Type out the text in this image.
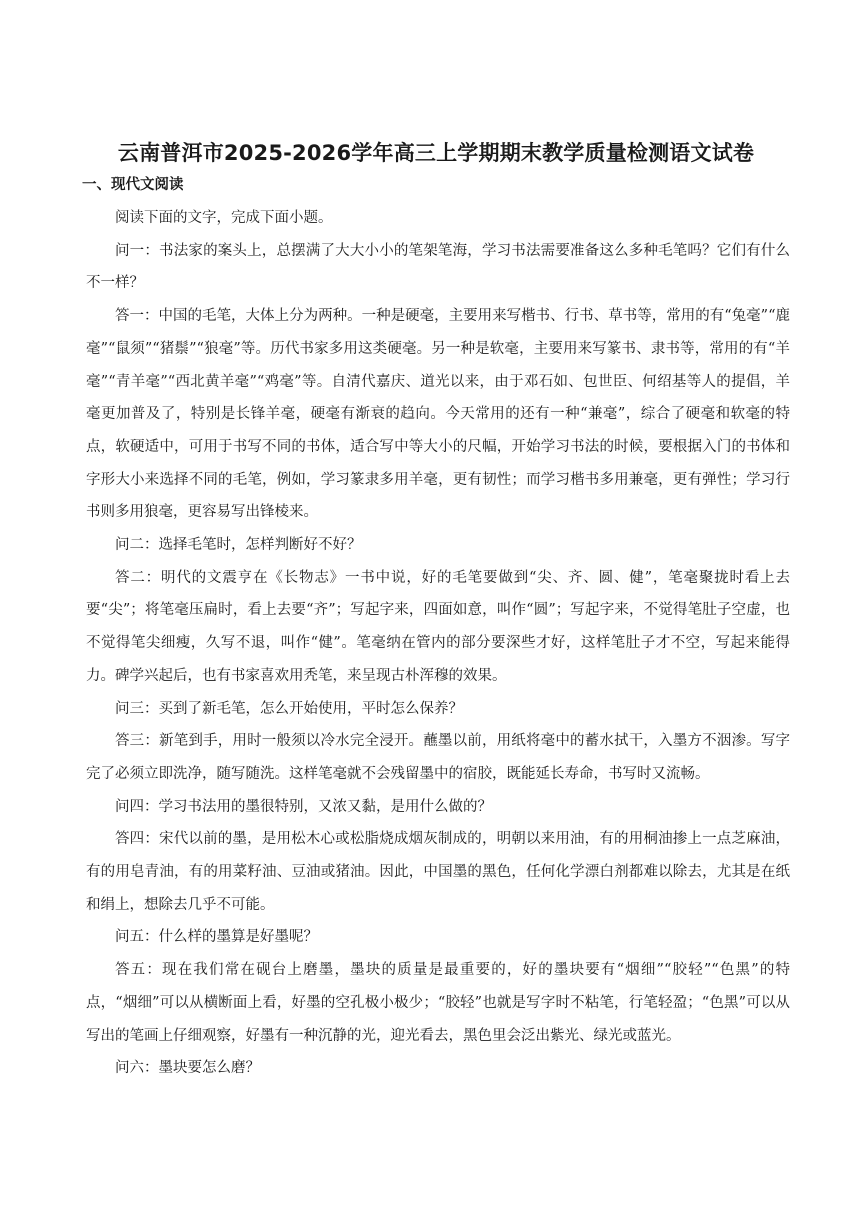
云南普洱市2025-2026学年高三上学期期末教学质量检测语文试卷
一、现代文阅读

阅读下面的文字，完成下面小题。

问一：书法家的案头上，总摆满了大大小小的笔架笔海，学习书法需要准备这么多种毛笔吗？它们有什么不一样？

答一：中国的毛笔，大体上分为两种。一种是硬毫，主要用来写楷书、行书、草书等，常用的有“兔毫”“鹿毫”“鼠须”“猪鬃”“狼毫”等。历代书家多用这类硬毫。另一种是软毫，主要用来写篆书、隶书等，常用的有“羊毫”“青羊毫”“西北黄羊毫”“鸡毫”等。自清代嘉庆、道光以来，由于邓石如、包世臣、何绍基等人的提倡，羊毫更加普及了，特别是长锋羊毫，硬毫有渐衰的趋向。今天常用的还有一种“兼毫”，综合了硬毫和软毫的特点，软硬适中，可用于书写不同的书体，适合写中等大小的尺幅，开始学习书法的时候，要根据入门的书体和字形大小来选择不同的毛笔，例如，学习篆隶多用羊毫，更有韧性；而学习楷书多用兼毫，更有弹性；学习行书则多用狼毫，更容易写出锋棱来。

问二：选择毛笔时，怎样判断好不好？

答二：明代的文震亨在《长物志》一书中说，好的毛笔要做到“尖、齐、圆、健”，笔毫聚拢时看上去要“尖”；将笔毫压扁时，看上去要“齐”；写起字来，四面如意，叫作“圆”；写起字来，不觉得笔肚子空虚，也不觉得笔尖细瘦，久写不退，叫作“健”。笔毫纳在管内的部分要深些才好，这样笔肚子才不空，写起来能得力。碑学兴起后，也有书家喜欢用秃笔，来呈现古朴浑穆的效果。

问三：买到了新毛笔，怎么开始使用，平时怎么保养？

答三：新笔到手，用时一般须以冷水完全浸开。蘸墨以前，用纸将毫中的蓄水拭干，入墨方不洇渗。写字完了必须立即洗净，随写随洗。这样笔毫就不会残留墨中的宿胶，既能延长寿命，书写时又流畅。

问四：学习书法用的墨很特别，又浓又黏，是用什么做的？

答四：宋代以前的墨，是用松木心或松脂烧成烟灰制成的，明朝以来用油，有的用桐油掺上一点芝麻油，有的用皂青油，有的用菜籽油、豆油或猪油。因此，中国墨的黑色，任何化学漂白剂都难以除去，尤其是在纸和绢上，想除去几乎不可能。

问五：什么样的墨算是好墨呢？

答五：现在我们常在砚台上磨墨，墨块的质量是最重要的，好的墨块要有“烟细”“胶轻”“色黑”的特点，“烟细”可以从横断面上看，好墨的空孔极小极少；“胶轻”也就是写字时不粘笔，行笔轻盈；“色黑”可以从写出的笔画上仔细观察，好墨有一种沉静的光，迎光看去，黑色里会泛出紫光、绿光或蓝光。

问六：墨块要怎么磨？
